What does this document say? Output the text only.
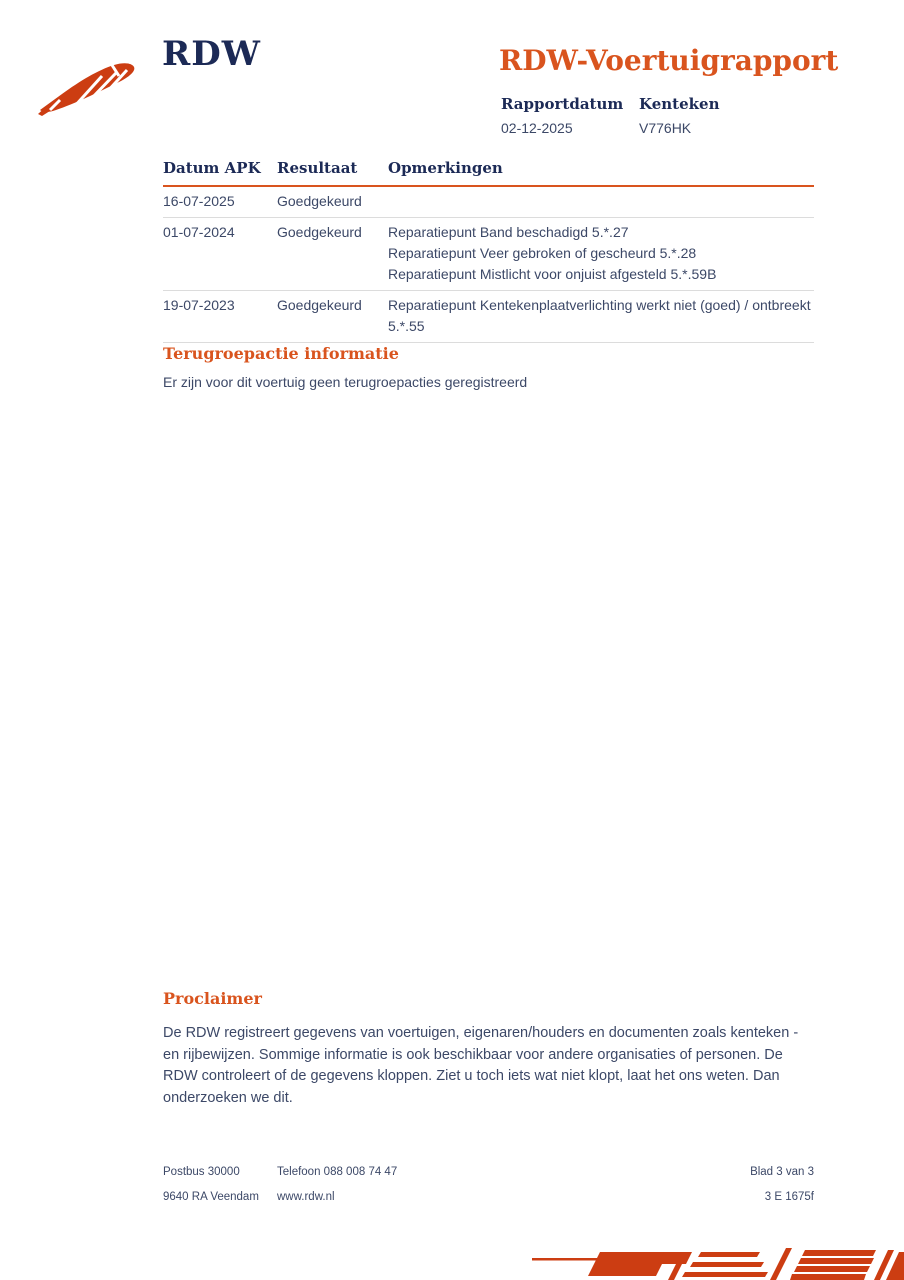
RDW	RDW-Voertuigrapport
Rapportdatum
02-12-2025
Kenteken
V776HK
Datum APK	Resultaat	Opmerkingen
16-07-2025	Goedgekeurd
01-07-2024	Goedgekeurd	Reparatiepunt Band beschadigd 5.*.27
Reparatiepunt Veer gebroken of gescheurd 5.*.28
Reparatiepunt Mistlicht voor onjuist afgesteld 5.*.59B
19-07-2023	Goedgekeurd	Reparatiepunt Kentekenplaatverlichting werkt niet (goed) / ontbreekt 5.*.55
Terugroepactie informatie
Er zijn voor dit voertuig geen terugroepacties geregistreerd
Proclaimer
De RDW registreert gegevens van voertuigen, eigenaren/houders en documenten zoals kenteken - en rijbewijzen. Sommige informatie is ook beschikbaar voor andere organisaties of personen. De RDW controleert of de gegevens kloppen. Ziet u toch iets wat niet klopt, laat het ons weten. Dan onderzoeken we dit.
Postbus 30000	Telefoon 088 008 74 47	Blad 3 van 3
9640 RA Veendam	www.rdw.nl	3 E 1675f
